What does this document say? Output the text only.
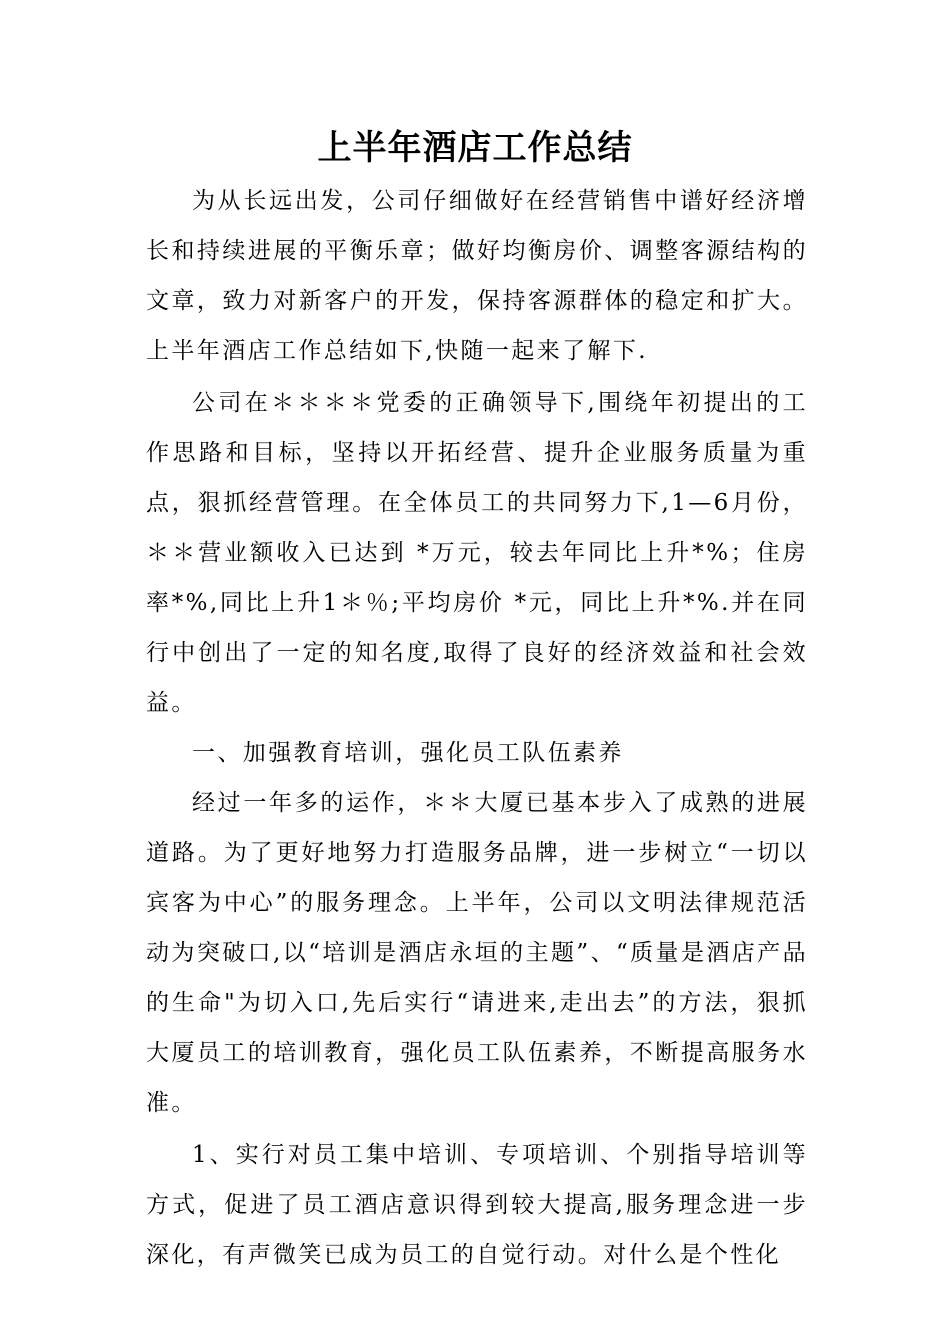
上半年酒店工作总结

为从长远出发，公司仔细做好在经营销售中谱好经济增长和持续进展的平衡乐章；做好均衡房价、调整客源结构的文章，致力对新客户的开发，保持客源群体的稳定和扩大。上半年酒店工作总结如下,快随一起来了解下.

公司在＊＊＊＊党委的正确领导下,围绕年初提出的工作思路和目标，坚持以开拓经营、提升企业服务质量为重点，狠抓经营管理。在全体员工的共同努力下,1—6月份，＊＊营业额收入已达到 *万元，较去年同比上升*%；住房率*%,同比上升1＊％;平均房价 *元，同比上升*%.并在同行中创出了一定的知名度,取得了良好的经济效益和社会效益。

一、加强教育培训，强化员工队伍素养

经过一年多的运作，＊＊大厦已基本步入了成熟的进展道路。为了更好地努力打造服务品牌，进一步树立“一切以宾客为中心”的服务理念。上半年，公司以文明法律规范活动为突破口,以“培训是酒店永垣的主题”、“质量是酒店产品的生命"为切入口,先后实行“请进来,走出去”的方法，狠抓大厦员工的培训教育，强化员工队伍素养，不断提高服务水准。

1、实行对员工集中培训、专项培训、个别指导培训等方式，促进了员工酒店意识得到较大提高,服务理念进一步深化，有声微笑已成为员工的自觉行动。对什么是个性化
